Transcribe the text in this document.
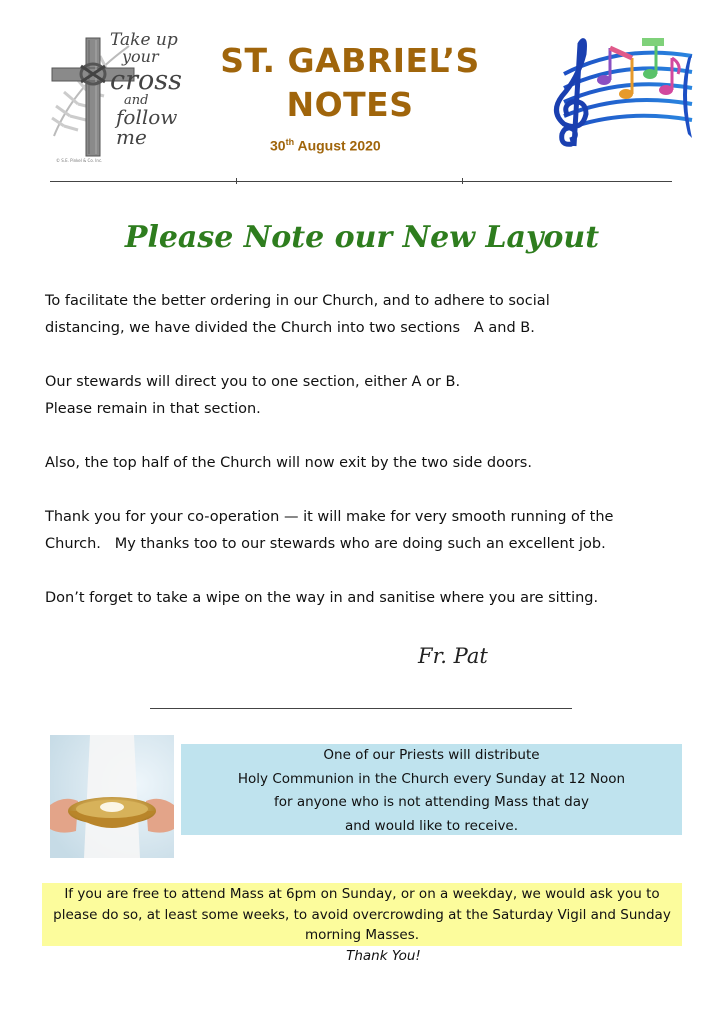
Take up
your
cross
and
follow me
© S.E. Pinkel & Co. Inc.
ST. GABRIEL’S
NOTES
30th August 2020
Please Note our New Layout
To facilitate the better ordering in our Church, and to adhere to social
distancing, we have divided the Church into two sections   A and B.
Our stewards will direct you to one section, either A or B.
Please remain in that section.
Also, the top half of the Church will now exit by the two side doors.
Thank you for your co-operation — it will make for very smooth running of the
Church.   My thanks too to our stewards who are doing such an excellent job.
Don’t forget to take a wipe on the way in and sanitise where you are sitting.
Fr. Pat
One of our Priests will distribute
Holy Communion in the Church every Sunday at 12 Noon
for anyone who is not attending Mass that day
and would like to receive.
If you are free to attend Mass at 6pm on Sunday, or on a weekday, we would ask you to
please do so, at least some weeks, to avoid overcrowding at the Saturday Vigil and Sunday
morning Masses.
Thank You!
